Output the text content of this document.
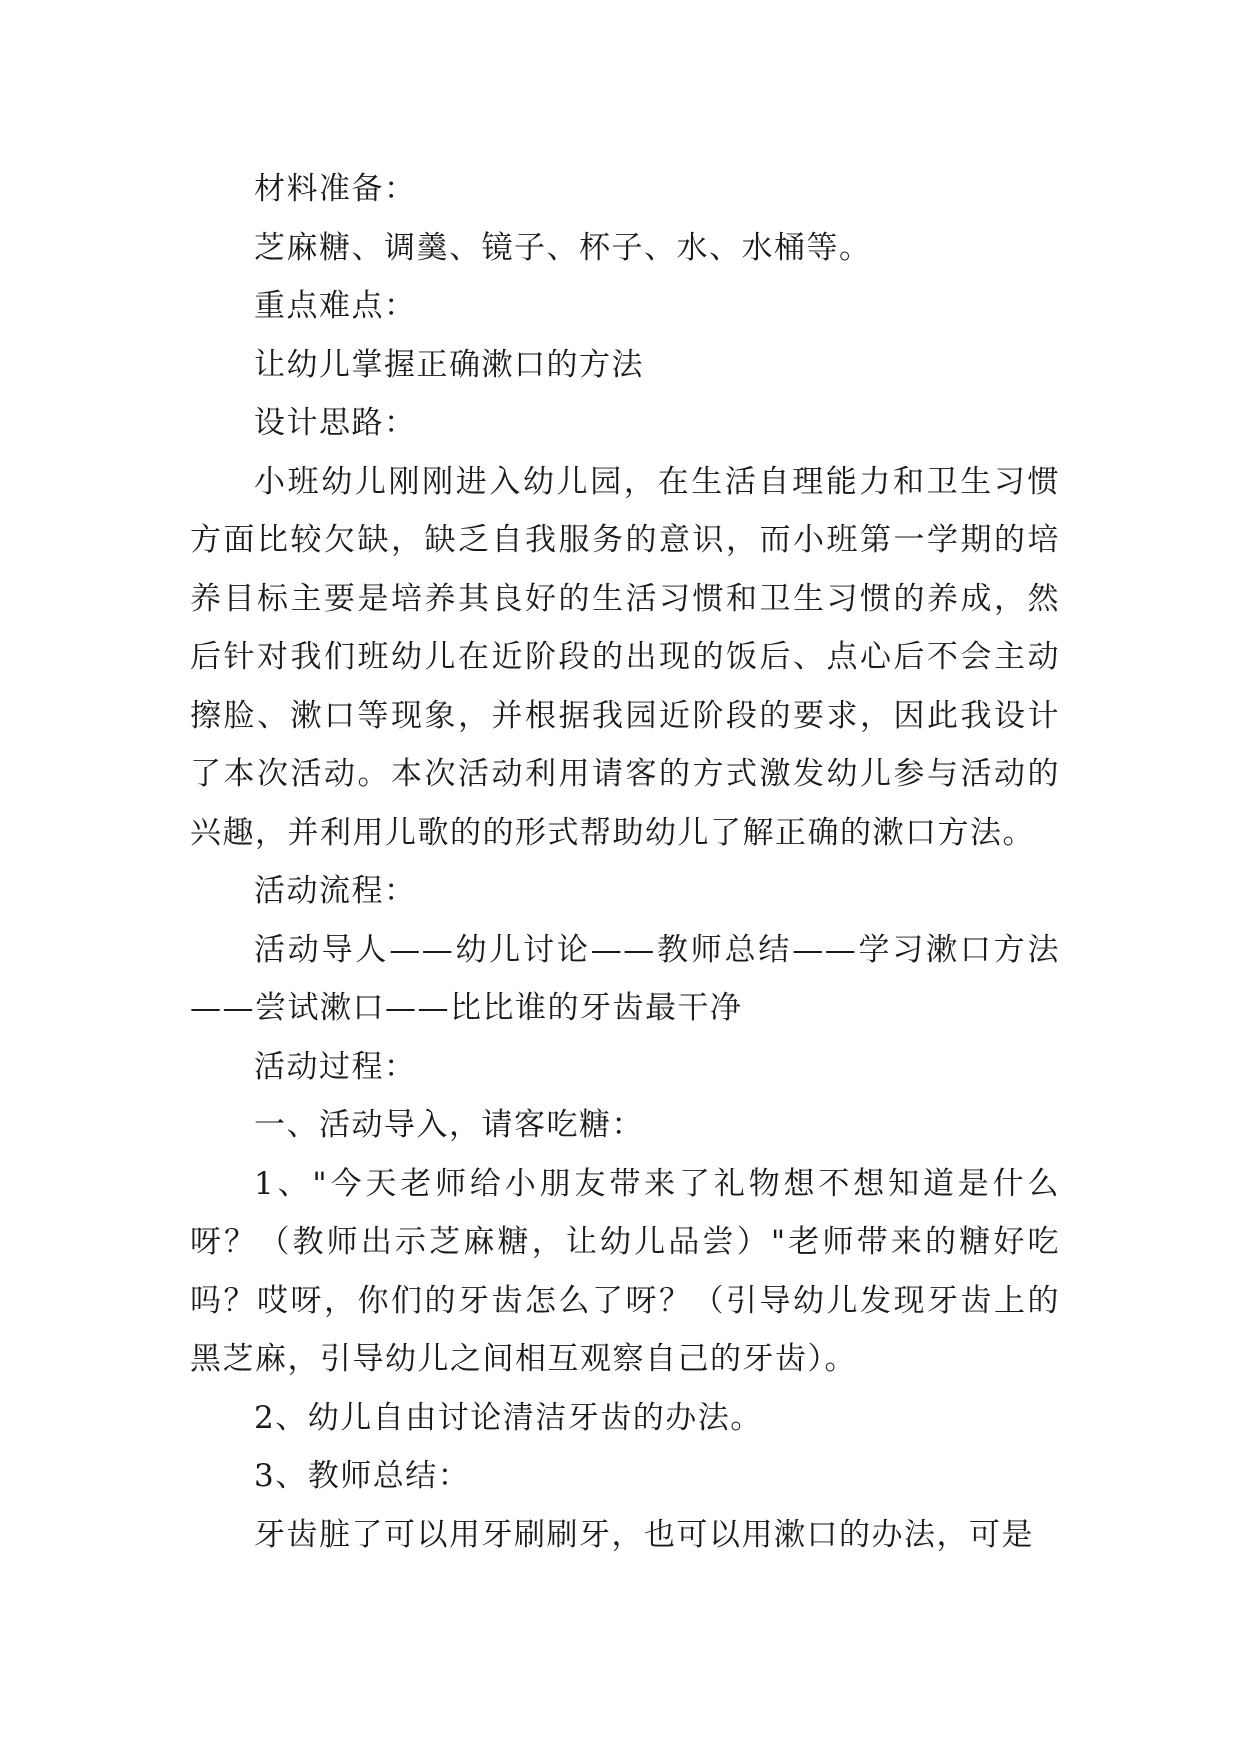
材料准备：

芝麻糖、调羹、镜子、杯子、水、水桶等。

重点难点：

让幼儿掌握正确漱口的方法

设计思路：

小班幼儿刚刚进入幼儿园，在生活自理能力和卫生习惯方面比较欠缺，缺乏自我服务的意识，而小班第一学期的培养目标主要是培养其良好的生活习惯和卫生习惯的养成，然后针对我们班幼儿在近阶段的出现的饭后、点心后不会主动擦脸、漱口等现象，并根据我园近阶段的要求，因此我设计了本次活动。本次活动利用请客的方式激发幼儿参与活动的兴趣，并利用儿歌的的形式帮助幼儿了解正确的漱口方法。

活动流程：

活动导人——幼儿讨论——教师总结——学习漱口方法——尝试漱口——比比谁的牙齿最干净

活动过程：

一、活动导入，请客吃糖：

1、"今天老师给小朋友带来了礼物想不想知道是什么呀？（教师出示芝麻糖，让幼儿品尝）"老师带来的糖好吃吗？哎呀，你们的牙齿怎么了呀？（引导幼儿发现牙齿上的黑芝麻，引导幼儿之间相互观察自己的牙齿）。

2、幼儿自由讨论清洁牙齿的办法。

3、教师总结：

牙齿脏了可以用牙刷刷牙，也可以用漱口的办法，可是
